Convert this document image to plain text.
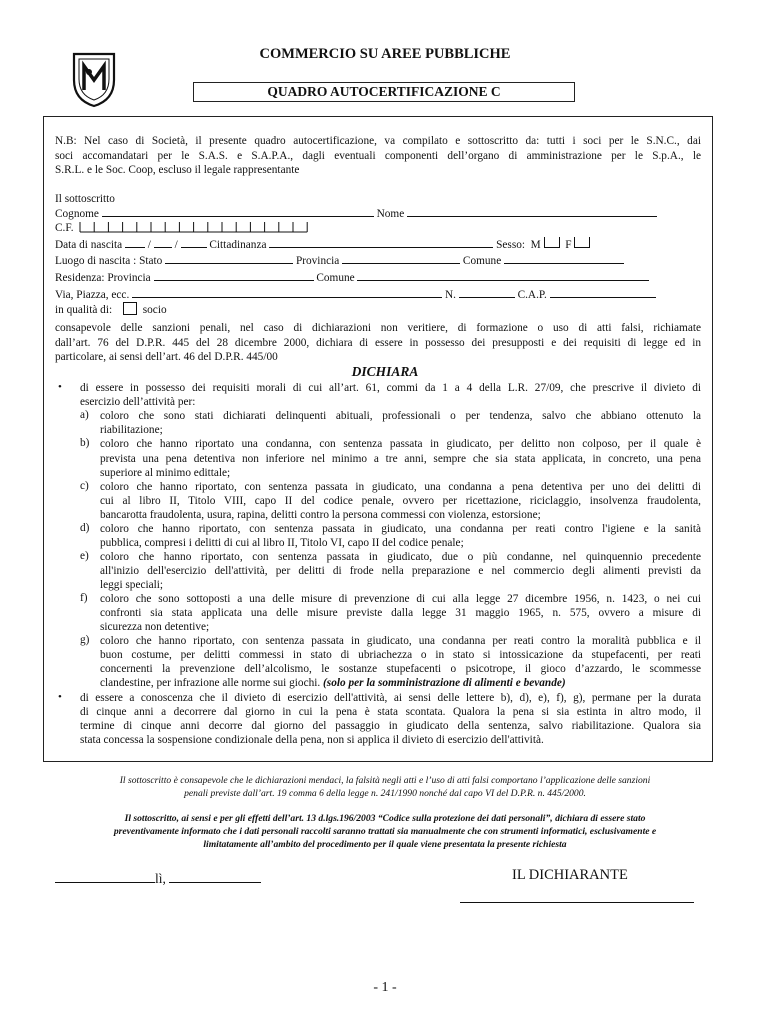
COMMERCIO SU AREE PUBBLICHE
QUADRO AUTOCERTIFICAZIONE C
N.B: Nel caso di Società, il presente quadro autocertificazione, va compilato e sottoscritto da: tutti i soci per le S.N.C., dai
soci accomandatari per le S.A.S. e S.A.P.A., dagli eventuali componenti dell’organo di amministrazione per le S.p.A., le
S.R.L. e le Soc. Coop, escluso il legale rappresentante
Il sottoscritto
Cognome	Nome
C.F.
Data di nascita / /	Cittadinanza	Sesso: M F
Luogo di nascita : Stato	Provincia	Comune
Residenza: Provincia	Comune
Via, Piazza, ecc.	N.	C.A.P.
in qualità di:	socio
consapevole delle sanzioni penali, nel caso di dichiarazioni non veritiere, di formazione o uso di atti falsi, richiamate
dall’art. 76 del D.P.R. 445 del 28 dicembre 2000, dichiara di essere in possesso dei presupposti e dei requisiti di legge ed in
particolare, ai sensi dell’art. 46 del D.P.R. 445/00
DICHIARA
• di essere in possesso dei requisiti morali di cui all’art. 61, commi da 1 a 4 della L.R. 27/09, che prescrive il divieto di
esercizio dell’attività per:
a) coloro che sono stati dichiarati delinquenti abituali, professionali o per tendenza, salvo che abbiano ottenuto la
riabilitazione;
b) coloro che hanno riportato una condanna, con sentenza passata in giudicato, per delitto non colposo, per il quale è
prevista una pena detentiva non inferiore nel minimo a tre anni, sempre che sia stata applicata, in concreto, una pena
superiore al minimo edittale;
c) coloro che hanno riportato, con sentenza passata in giudicato, una condanna a pena detentiva per uno dei delitti di
cui al libro II, Titolo VIII, capo II del codice penale, ovvero per ricettazione, riciclaggio, insolvenza fraudolenta,
bancarotta fraudolenta, usura, rapina, delitti contro la persona commessi con violenza, estorsione;
d) coloro che hanno riportato, con sentenza passata in giudicato, una condanna per reati contro l'igiene e la sanità
pubblica, compresi i delitti di cui al libro II, Titolo VI, capo II del codice penale;
e) coloro che hanno riportato, con sentenza passata in giudicato, due o più condanne, nel quinquennio precedente
all'inizio dell'esercizio dell'attività, per delitti di frode nella preparazione e nel commercio degli alimenti previsti da
leggi speciali;
f) coloro che sono sottoposti a una delle misure di prevenzione di cui alla legge 27 dicembre 1956, n. 1423, o nei cui
confronti sia stata applicata una delle misure previste dalla legge 31 maggio 1965, n. 575, ovvero a misure di
sicurezza non detentive;
g) coloro che hanno riportato, con sentenza passata in giudicato, una condanna per reati contro la moralità pubblica e il
buon costume, per delitti commessi in stato di ubriachezza o in stato si intossicazione da stupefacenti, per reati
concernenti la prevenzione dell’alcolismo, le sostanze stupefacenti o psicotrope, il gioco d’azzardo, le scommesse
clandestine, per infrazione alle norme sui giochi. (solo per la somministrazione di alimenti e bevande)
• di essere a conoscenza che il divieto di esercizio dell'attività, ai sensi delle lettere b), d), e), f), g), permane per la durata
di cinque anni a decorrere dal giorno in cui la pena è stata scontata. Qualora la pena si sia estinta in altro modo, il
termine di cinque anni decorre dal giorno del passaggio in giudicato della sentenza, salvo riabilitazione. Qualora sia
stata concessa la sospensione condizionale della pena, non si applica il divieto di esercizio dell'attività.
Il sottoscritto è consapevole che le dichiarazioni mendaci, la falsità negli atti e l’uso di atti falsi comportano l’applicazione delle sanzioni
penali previste dall’art. 19 comma 6 della legge n. 241/1990 nonché dal capo VI del D.P.R. n. 445/2000.
Il sottoscritto, ai sensi e per gli effetti dell’art. 13 d.lgs.196/2003 “Codice sulla protezione dei dati personali”, dichiara di essere stato
preventivamente informato che i dati personali raccolti saranno trattati sia manualmente che con strumenti informatici, esclusivamente e
limitatamente all’ambito del procedimento per il quale viene presentata la presente richiesta
lì,	IL DICHIARANTE
- 1 -
